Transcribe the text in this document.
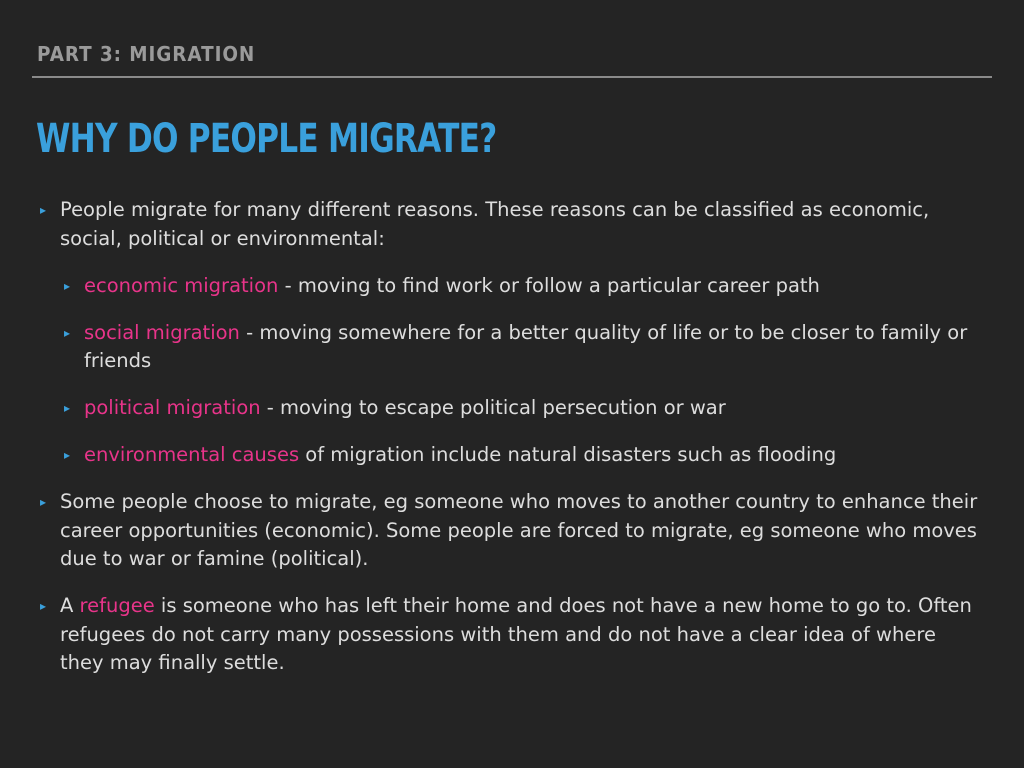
PART 3: MIGRATION
WHY DO PEOPLE MIGRATE?
▸ People migrate for many different reasons. These reasons can be classified as economic, social, political or environmental:
▸ economic migration - moving to find work or follow a particular career path
▸ social migration - moving somewhere for a better quality of life or to be closer to family or friends
▸ political migration - moving to escape political persecution or war
▸ environmental causes of migration include natural disasters such as flooding
▸ Some people choose to migrate, eg someone who moves to another country to enhance their career opportunities (economic). Some people are forced to migrate, eg someone who moves due to war or famine (political).
▸ A refugee is someone who has left their home and does not have a new home to go to. Often refugees do not carry many possessions with them and do not have a clear idea of where they may finally settle.
